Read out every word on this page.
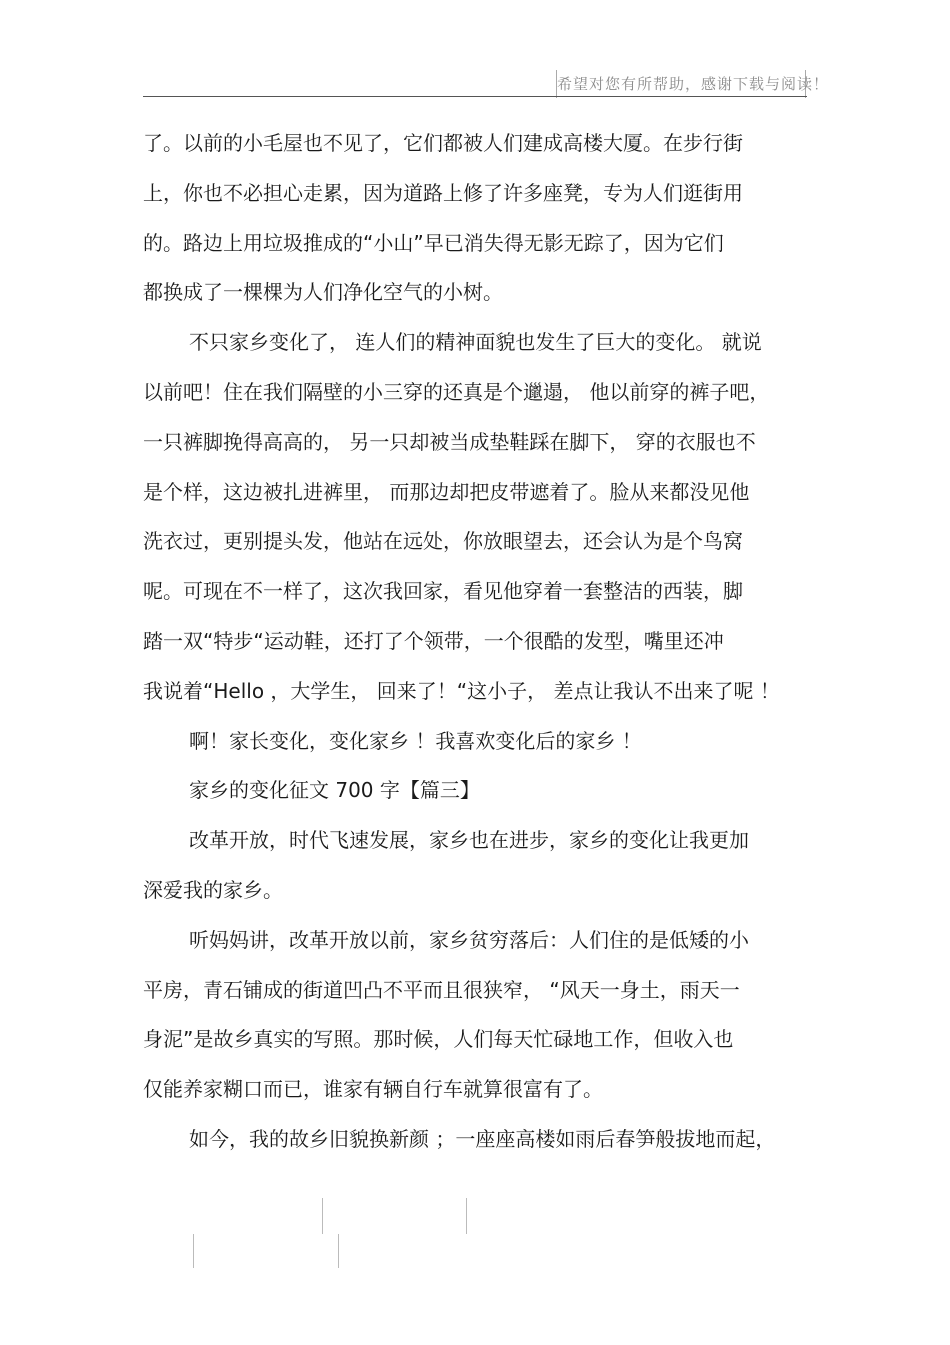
希望对您有所帮助，感谢下载与阅读！
了。以前的小毛屋也不见了，它们都被人们建成高楼大厦。在步行街
上，你也不必担心走累，因为道路上修了许多座凳，专为人们逛街用
的。路边上用垃圾推成的“小山”早已消失得无影无踪了，因为它们
都换成了一棵棵为人们净化空气的小树。
不只家乡变化了， 连人们的精神面貌也发生了巨大的变化。 就说
以前吧！住在我们隔壁的小三穿的还真是个邋遢， 他以前穿的裤子吧，
一只裤脚挽得高高的， 另一只却被当成垫鞋踩在脚下， 穿的衣服也不
是个样，这边被扎进裤里， 而那边却把皮带遮着了。脸从来都没见他
洗衣过，更别提头发，他站在远处，你放眼望去，还会认为是个鸟窝
呢。可现在不一样了，这次我回家，看见他穿着一套整洁的西装，脚
踏一双“特步“运动鞋，还打了个领带，一个很酷的发型，嘴里还冲
我说着“Hello ，大学生， 回来了！“这小子， 差点让我认不出来了呢 ！
啊！家长变化，变化家乡 ！我喜欢变化后的家乡 ！
家乡的变化征文 700 字【篇三】
改革开放，时代飞速发展，家乡也在进步，家乡的变化让我更加
深爱我的家乡。
听妈妈讲，改革开放以前，家乡贫穷落后：人们住的是低矮的小
平房，青石铺成的街道凹凸不平而且很狭窄， “风天一身土，雨天一
身泥”是故乡真实的写照。那时候，人们每天忙碌地工作，但收入也
仅能养家糊口而已，谁家有辆自行车就算很富有了。
如今，我的故乡旧貌换新颜 ；一座座高楼如雨后春笋般拔地而起，
